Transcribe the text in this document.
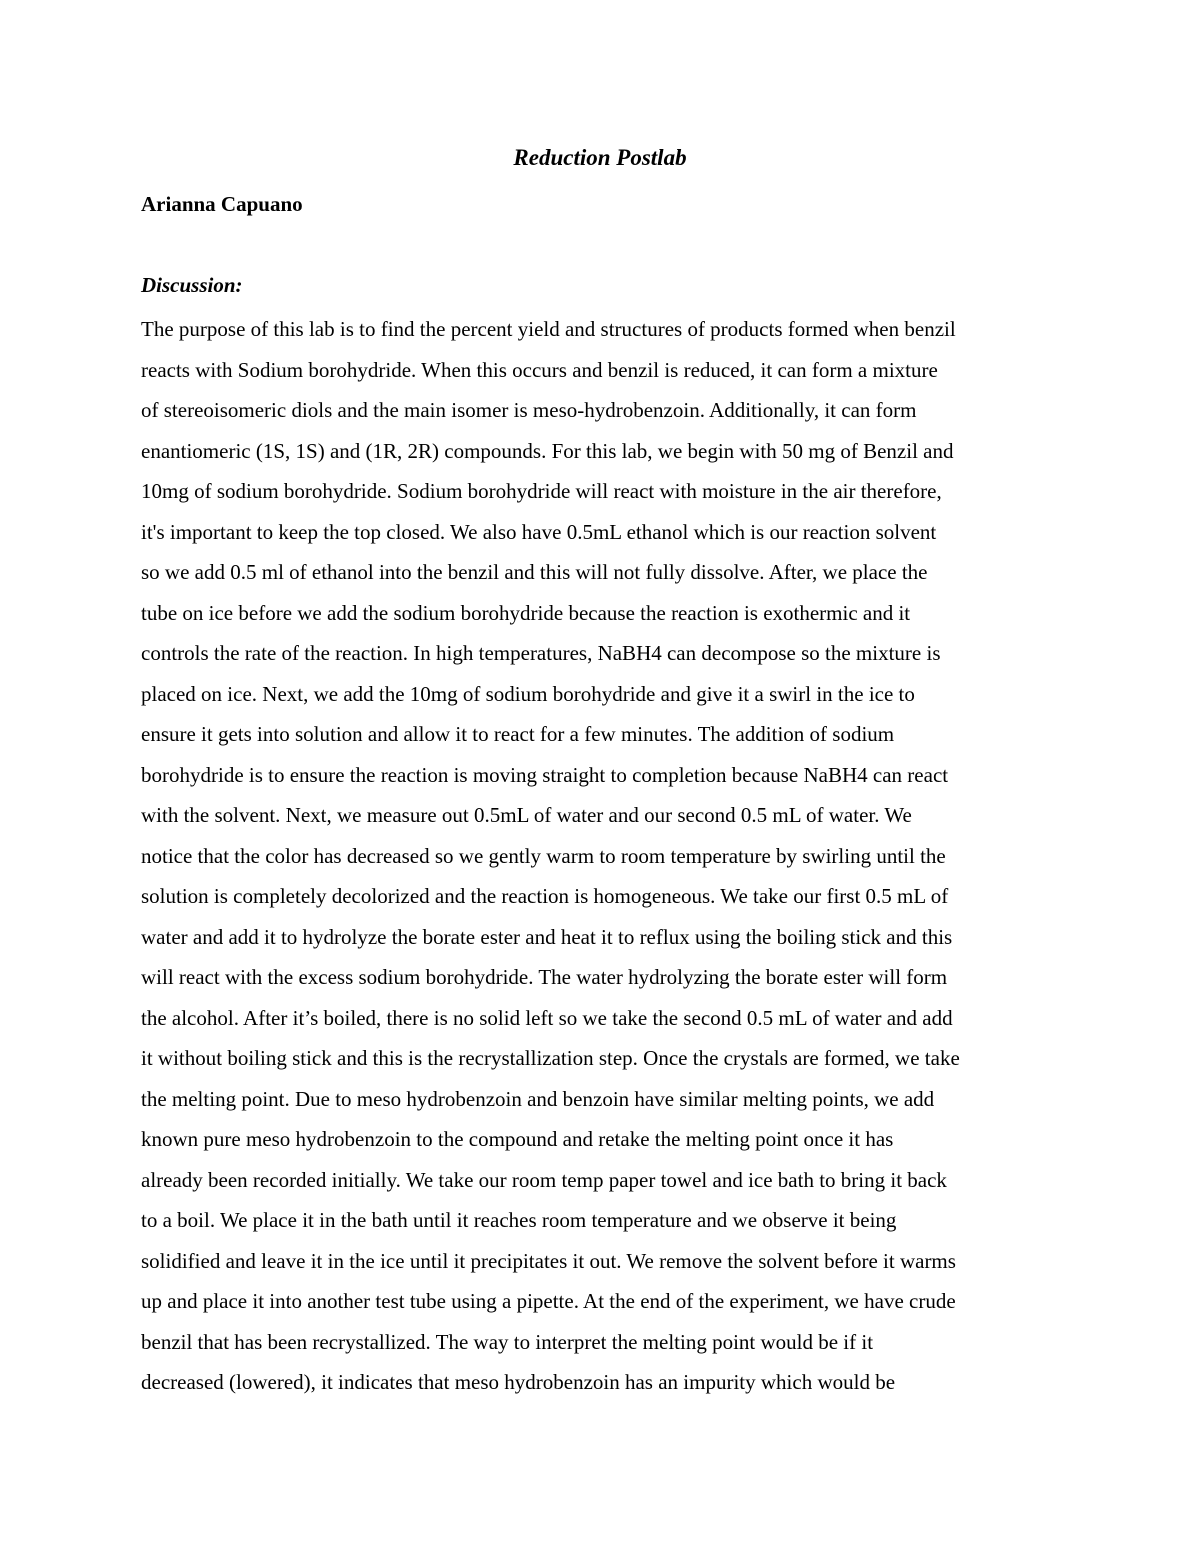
Reduction Postlab
Arianna Capuano
Discussion:
The purpose of this lab is to find the percent yield and structures of products formed when benzil
reacts with Sodium borohydride. When this occurs and benzil is reduced, it can form a mixture
of stereoisomeric diols and the main isomer is meso-hydrobenzoin. Additionally, it can form
enantiomeric (1S, 1S) and (1R, 2R) compounds. For this lab, we begin with 50 mg of Benzil and
10mg of sodium borohydride. Sodium borohydride will react with moisture in the air therefore,
it's important to keep the top closed. We also have 0.5mL ethanol which is our reaction solvent
so we add 0.5 ml of ethanol into the benzil and this will not fully dissolve. After, we place the
tube on ice before we add the sodium borohydride because the reaction is exothermic and it
controls the rate of the reaction. In high temperatures, NaBH4 can decompose so the mixture is
placed on ice. Next, we add the 10mg of sodium borohydride and give it a swirl in the ice to
ensure it gets into solution and allow it to react for a few minutes. The addition of sodium
borohydride is to ensure the reaction is moving straight to completion because NaBH4 can react
with the solvent. Next, we measure out 0.5mL of water and our second 0.5 mL of water. We
notice that the color has decreased so we gently warm to room temperature by swirling until the
solution is completely decolorized and the reaction is homogeneous. We take our first 0.5 mL of
water and add it to hydrolyze the borate ester and heat it to reflux using the boiling stick and this
will react with the excess sodium borohydride. The water hydrolyzing the borate ester will form
the alcohol. After it’s boiled, there is no solid left so we take the second 0.5 mL of water and add
it without boiling stick and this is the recrystallization step. Once the crystals are formed, we take
the melting point. Due to meso hydrobenzoin and benzoin have similar melting points, we add
known pure meso hydrobenzoin to the compound and retake the melting point once it has
already been recorded initially. We take our room temp paper towel and ice bath to bring it back
to a boil. We place it in the bath until it reaches room temperature and we observe it being
solidified and leave it in the ice until it precipitates it out. We remove the solvent before it warms
up and place it into another test tube using a pipette. At the end of the experiment, we have crude
benzil that has been recrystallized. The way to interpret the melting point would be if it
decreased (lowered), it indicates that meso hydrobenzoin has an impurity which would be
